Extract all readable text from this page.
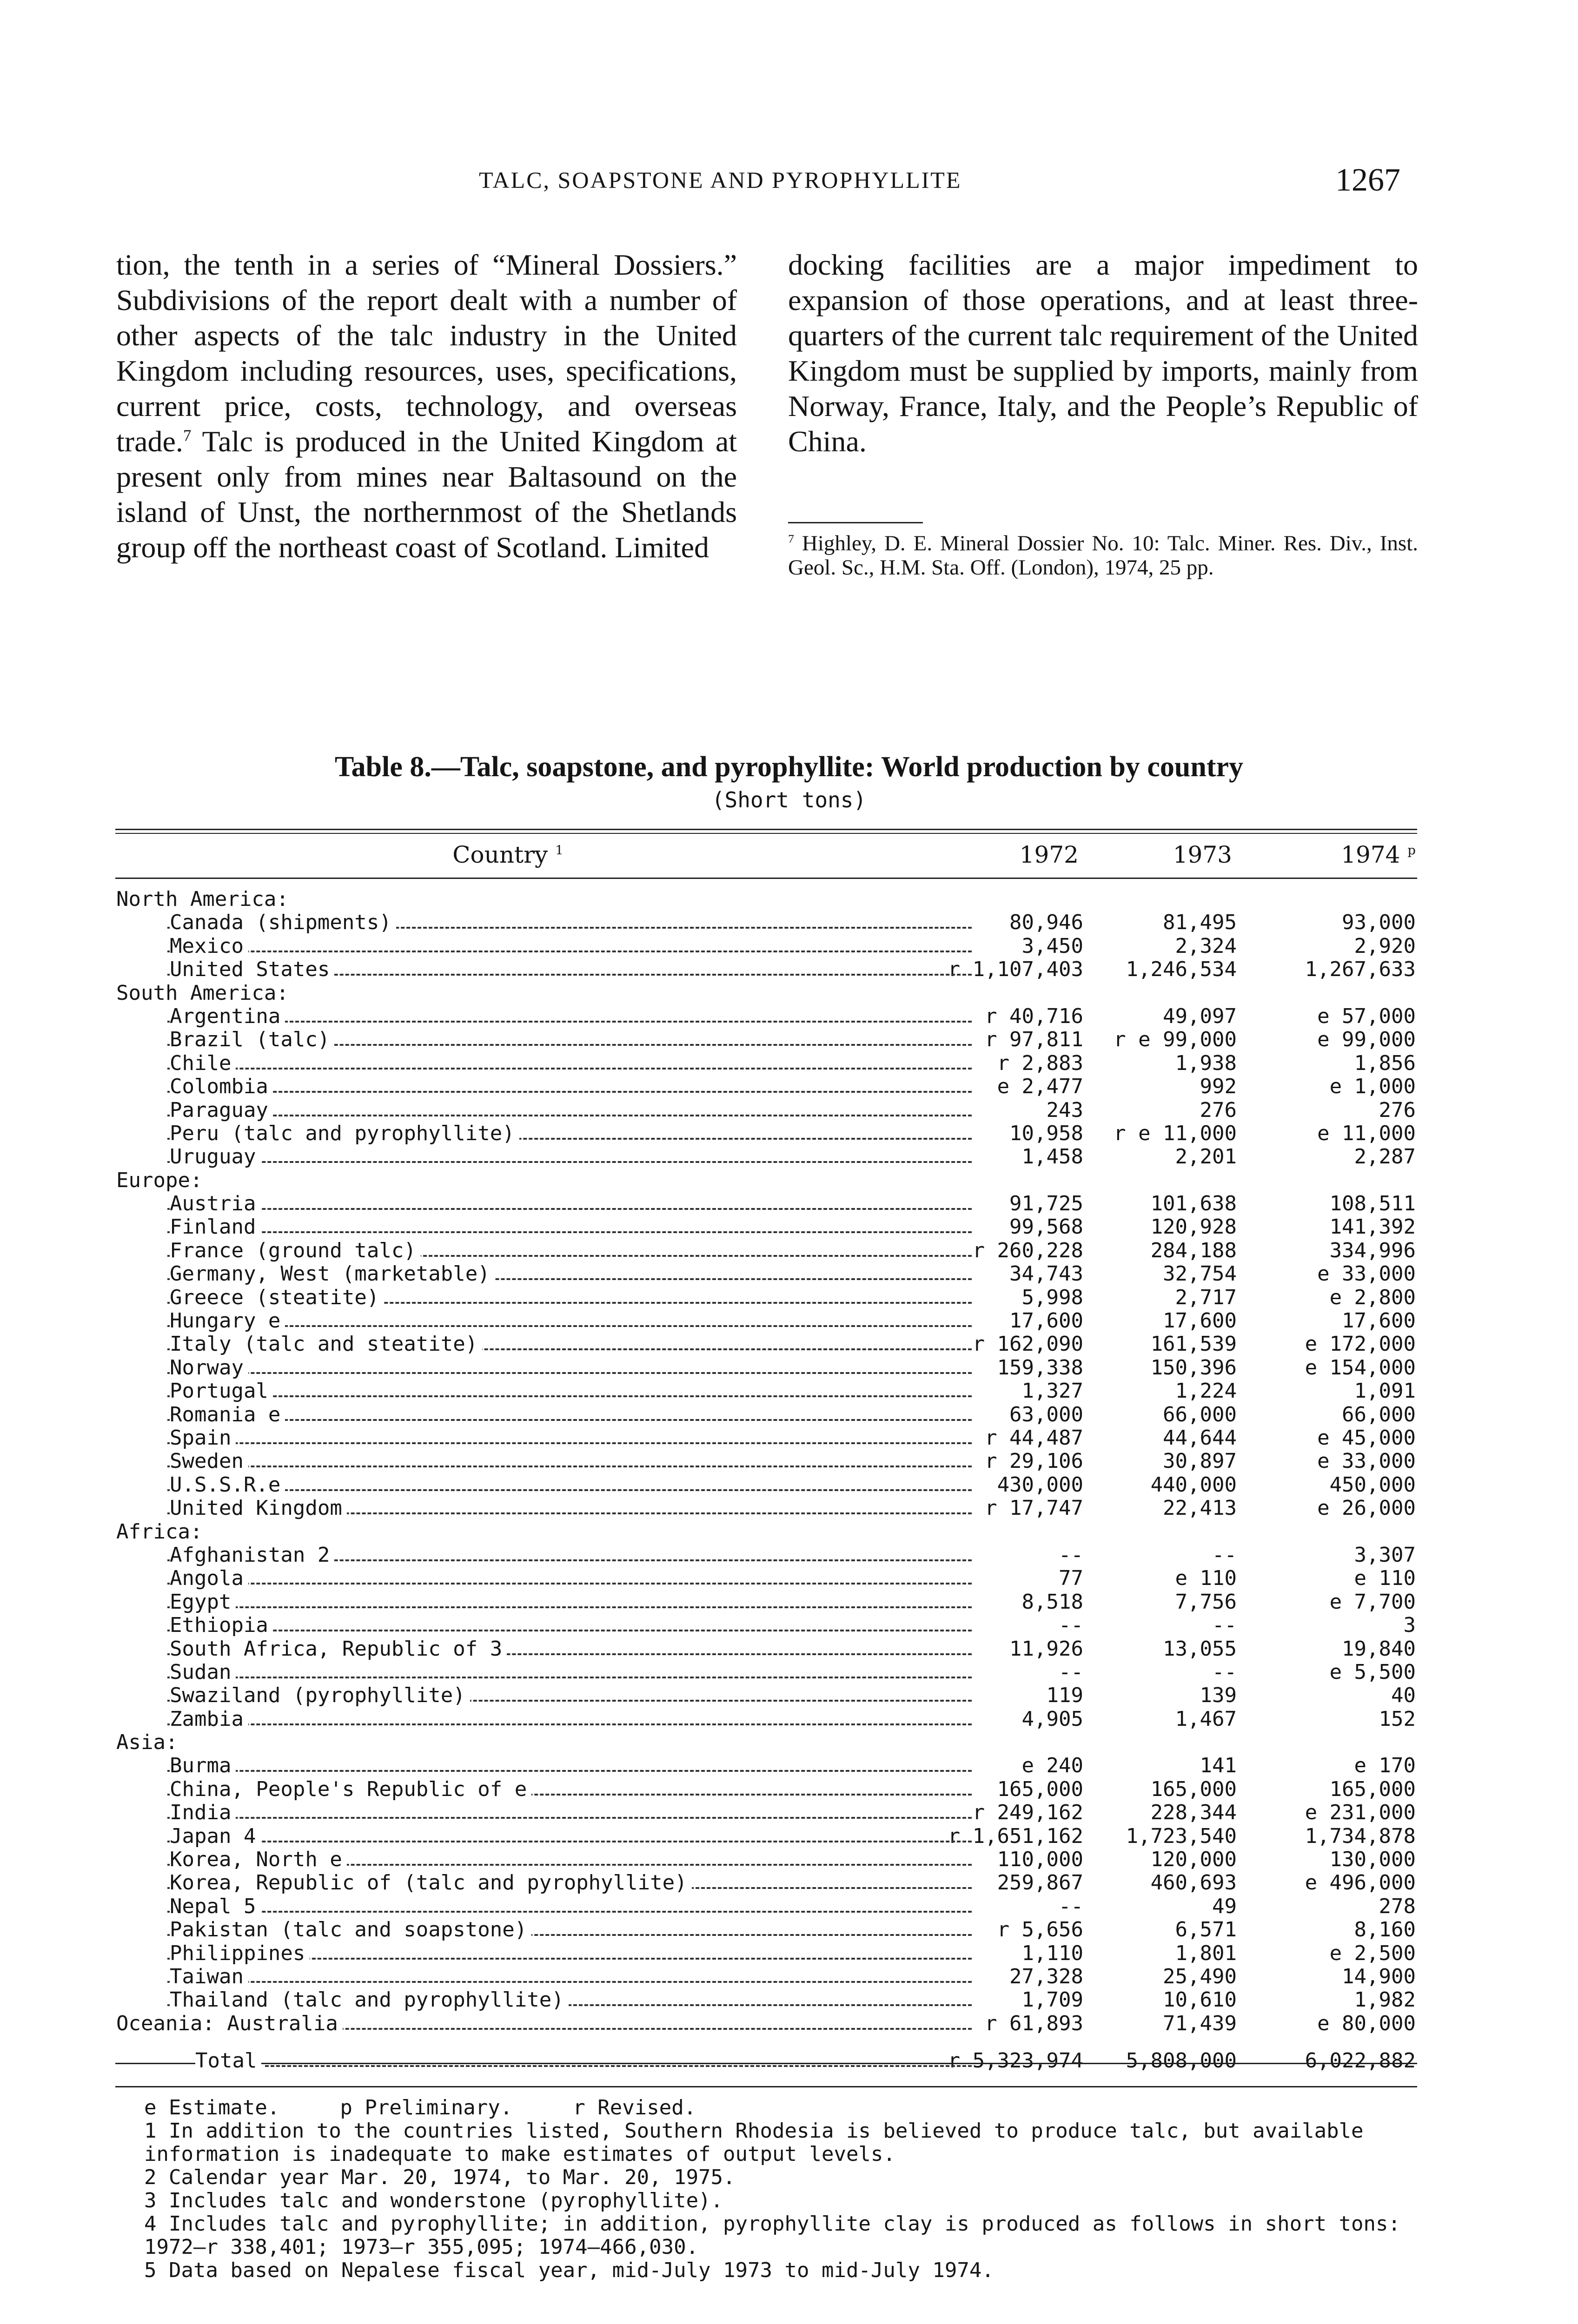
TALC, SOAPSTONE AND PYROPHYLLITE	1267
tion, the tenth in a series of “Mineral Dossiers.” Subdivisions of the report dealt with a number of other aspects of the talc industry in the United Kingdom including resources, uses, specifications, current price, costs, technology, and overseas trade.$^7$ Talc is produced in the United Kingdom at present only from mines near Baltasound on the island of Unst, the northernmost of the Shetlands group off the northeast coast of Scotland. Limited
docking facilities are a major impediment to expansion of those operations, and at least three-quarters of the current talc requirement of the United Kingdom must be supplied by imports, mainly from Norway, France, Italy, and the People’s Republic of China.
$^7$ Highley, D. E. Mineral Dossier No. 10: Talc. Miner. Res. Div., Inst. Geol. Sc., H.M. Sta. Off. (London), 1974, 25 pp.
Table 8.—Talc, soapstone, and pyrophyllite: World production by country
(Short tons)
Country $^1$	1972	1973	1974 $^p$
North America:
Canada (shipments)	80,946	81,495	93,000
Mexico	3,450	2,324	2,920
United States	r 1,107,403	1,246,534	1,267,633
South America:
Argentina	r 40,716	49,097	e 57,000
Brazil (talc)	r 97,811	r e 99,000	e 99,000
Chile	r 2,883	1,938	1,856
Colombia	e 2,477	992	e 1,000
Paraguay	243	276	276
Peru (talc and pyrophyllite)	10,958	r e 11,000	e 11,000
Uruguay	1,458	2,201	2,287
Europe:
Austria	91,725	101,638	108,511
Finland	99,568	120,928	141,392
France (ground talc)	r 260,228	284,188	334,996
Germany, West (marketable)	34,743	32,754	e 33,000
Greece (steatite)	5,998	2,717	e 2,800
Hungary e	17,600	17,600	17,600
Italy (talc and steatite)	r 162,090	161,539	e 172,000
Norway	159,338	150,396	e 154,000
Portugal	1,327	1,224	1,091
Romania e	63,000	66,000	66,000
Spain	r 44,487	44,644	e 45,000
Sweden	r 29,106	30,897	e 33,000
U.S.S.R.e	430,000	440,000	450,000
United Kingdom	r 17,747	22,413	e 26,000
Africa:
Afghanistan 2	--	--	3,307
Angola	77	e 110	e 110
Egypt	8,518	7,756	e 7,700
Ethiopia	--	--	3
South Africa, Republic of 3	11,926	13,055	19,840
Sudan	--	--	e 5,500
Swaziland (pyrophyllite)	119	139	40
Zambia	4,905	1,467	152
Asia:
Burma	e 240	141	e 170
China, People's Republic of e	165,000	165,000	165,000
India	r 249,162	228,344	e 231,000
Japan 4	r 1,651,162	1,723,540	1,734,878
Korea, North e	110,000	120,000	130,000
Korea, Republic of (talc and pyrophyllite)	259,867	460,693	e 496,000
Nepal 5	--	49	278
Pakistan (talc and soapstone)	r 5,656	6,571	8,160
Philippines	1,110	1,801	e 2,500
Taiwan	27,328	25,490	14,900
Thailand (talc and pyrophyllite)	1,709	10,610	1,982
Oceania: Australia	r 61,893	71,439	e 80,000
Total	r 5,323,974	5,808,000	6,022,882

e Estimate.	p Preliminary.	r Revised.

1 In addition to the countries listed, Southern Rhodesia is believed to produce talc, but available information is inadequate to make estimates of output levels.

2 Calendar year Mar. 20, 1974, to Mar. 20, 1975.

3 Includes talc and wonderstone (pyrophyllite).

4 Includes talc and pyrophyllite; in addition, pyrophyllite clay is produced as follows in short tons: 1972—r 338,401; 1973—r 355,095; 1974—466,030.

5 Data based on Nepalese fiscal year, mid-July 1973 to mid-July 1974.
